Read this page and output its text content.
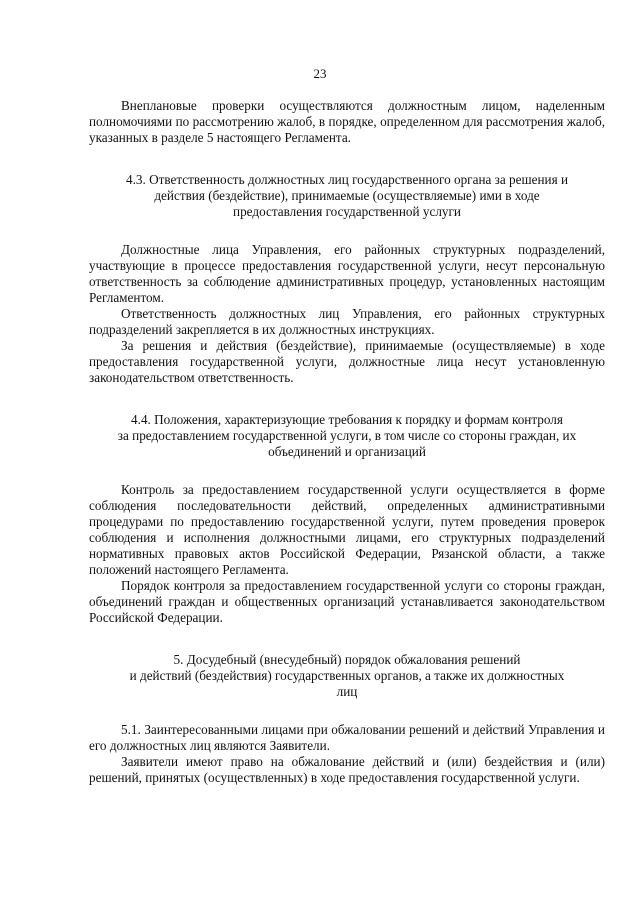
23

Внеплановые проверки осуществляются должностным лицом, наделенным полномочиями по рассмотрению жалоб, в порядке, определенном для рассмотрения жалоб, указанных в разделе 5 настоящего Регламента.

4.3. Ответственность должностных лиц государственного органа за решения и

действия (бездействие), принимаемые (осуществляемые) ими в ходе

предоставления государственной услуги

Должностные лица Управления, его районных структурных подразделений, участвующие в процессе предоставления государственной услуги, несут персональную ответственность за соблюдение административных процедур, установленных настоящим Регламентом.

Ответственность должностных лиц Управления, его районных структурных подразделений закрепляется в их должностных инструкциях.

За решения и действия (бездействие), принимаемые (осуществляемые) в ходе предоставления государственной услуги, должностные лица несут установленную законодательством ответственность.

4.4. Положения, характеризующие требования к порядку и формам контроля

за предоставлением государственной услуги, в том числе со стороны граждан, их

объединений и организаций

Контроль за предоставлением государственной услуги осуществляется в форме соблюдения последовательности действий, определенных административными процедурами по предоставлению государственной услуги, путем проведения проверок соблюдения и исполнения должностными лицами, его структурных подразделений нормативных правовых актов Российской Федерации, Рязанской области, а также положений настоящего Регламента.

Порядок контроля за предоставлением государственной услуги со стороны граждан, объединений граждан и общественных организаций устанавливается законодательством Российской Федерации.

5. Досудебный (внесудебный) порядок обжалования решений

и действий (бездействия) государственных органов, а также их должностных

лиц

5.1. Заинтересованными лицами при обжаловании решений и действий Управления и его должностных лиц являются Заявители.

Заявители имеют право на обжалование действий и (или) бездействия и (или) решений, принятых (осуществленных) в ходе предоставления государственной услуги.
